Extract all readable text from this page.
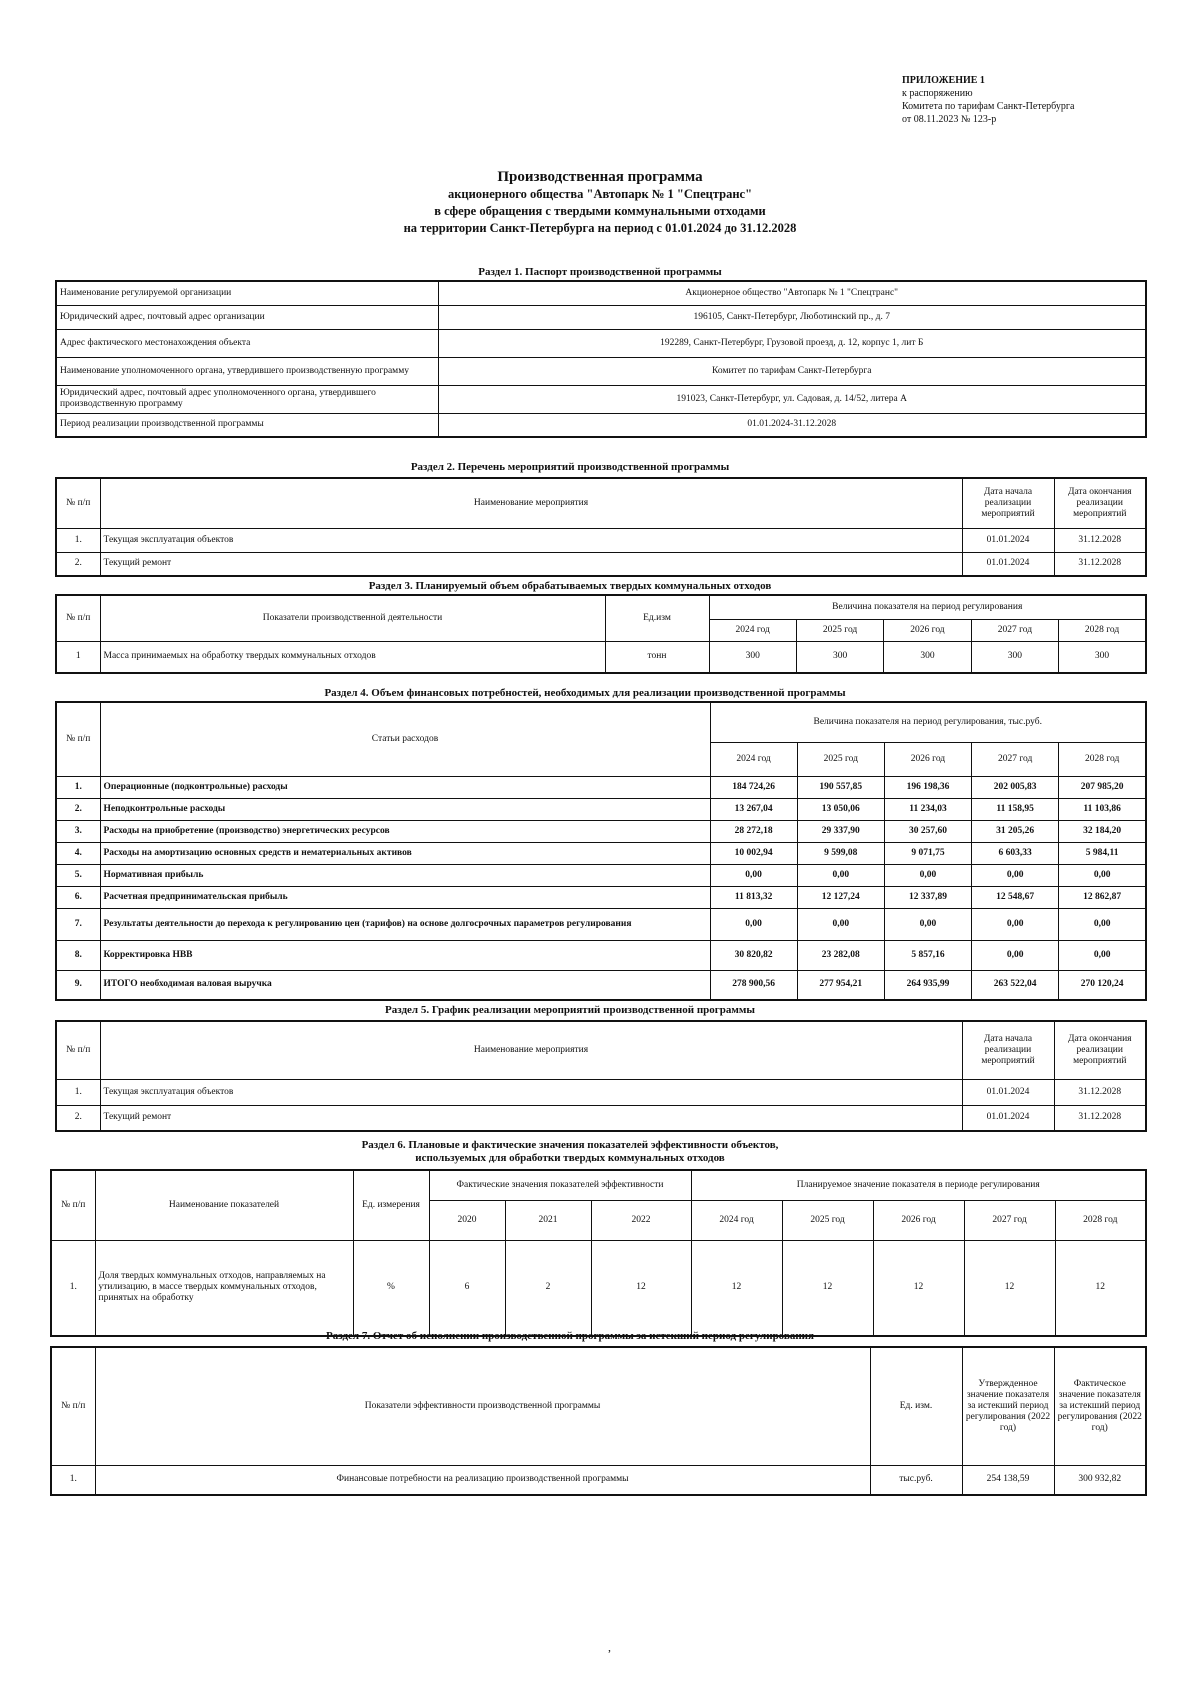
ПРИЛОЖЕНИЕ 1
к распоряжению
Комитета по тарифам Санкт-Петербурга
от 08.11.2023 № 123-р
Производственная программа
акционерного общества "Автопарк № 1 "Спецтранс"
в сфере обращения с твердыми коммунальными отходами
на территории Санкт-Петербурга на период с 01.01.2024 до 31.12.2028
Раздел 1. Паспорт производственной программы
Наименование регулируемой организации	Акционерное общество "Автопарк № 1 "Спецтранс"
Юридический адрес, почтовый адрес организации	196105, Санкт-Петербург, Люботинский пр., д. 7
Адрес фактического местонахождения объекта	192289, Санкт-Петербург, Грузовой проезд, д. 12, корпус 1, лит Б
Наименование уполномоченного органа, утвердившего производственную программу	Комитет по тарифам Санкт-Петербурга
Юридический адрес, почтовый адрес уполномоченного органа, утвердившего производственную программу	191023, Санкт-Петербург, ул. Садовая, д. 14/52, литера А
Период реализации производственной программы	01.01.2024-31.12.2028
Раздел 2. Перечень мероприятий производственной программы
№ п/п	Наименование мероприятия	Дата начала реализации мероприятий	Дата окончания реализации мероприятий
1.	Текущая эксплуатация объектов	01.01.2024	31.12.2028
2.	Текущий ремонт	01.01.2024	31.12.2028
Раздел 3. Планируемый объем обрабатываемых твердых коммунальных отходов
№ п/п	Показатели производственной деятельности	Ед.изм	Величина показателя на период регулирования				
			2024 год	2025 год	2026 год	2027 год	2028 год
1	Масса принимаемых на обработку твердых коммунальных отходов	тонн	300	300	300	300	300
Раздел 4. Объем финансовых потребностей, необходимых для реализации производственной программы
№ п/п	Статьи расходов	Величина показателя на период регулирования, тыс.руб.				
		2024 год	2025 год	2026 год	2027 год	2028 год
1.	Операционные (подконтрольные) расходы	184 724,26	190 557,85	196 198,36	202 005,83	207 985,20
2.	Неподконтрольные расходы	13 267,04	13 050,06	11 234,03	11 158,95	11 103,86
3.	Расходы на приобретение (производство) энергетических ресурсов	28 272,18	29 337,90	30 257,60	31 205,26	32 184,20
4.	Расходы на амортизацию основных средств и нематериальных активов	10 002,94	9 599,08	9 071,75	6 603,33	5 984,11
5.	Нормативная прибыль	0,00	0,00	0,00	0,00	0,00
6.	Расчетная предпринимательская прибыль	11 813,32	12 127,24	12 337,89	12 548,67	12 862,87
7.	Результаты деятельности до перехода к регулированию цен (тарифов) на основе долгосрочных параметров регулирования	0,00	0,00	0,00	0,00	0,00
8.	Корректировка НВВ	30 820,82	23 282,08	5 857,16	0,00	0,00
9.	ИТОГО необходимая валовая выручка	278 900,56	277 954,21	264 935,99	263 522,04	270 120,24
Раздел 5. График реализации мероприятий производственной программы
№ п/п	Наименование мероприятия	Дата начала реализации мероприятий	Дата окончания реализации мероприятий
1.	Текущая эксплуатация объектов	01.01.2024	31.12.2028
2.	Текущий ремонт	01.01.2024	31.12.2028
Раздел 6. Плановые и фактические значения показателей эффективности объектов,
используемых для обработки твердых коммунальных отходов
№ п/п	Наименование показателей	Ед. измерения	Фактические значения показателей эффективности			Планируемое значение показателя в периоде регулирования				
			2020	2021	2022	2024 год	2025 год	2026 год	2027 год	2028 год
1.	Доля твердых коммунальных отходов, направляемых на утилизацию, в массе твердых коммунальных отходов, принятых на обработку	%	6	2	12	12	12	12	12	12
Раздел 7. Отчет об исполнении производственной программы за истекший период регулирования
№ п/п	Показатели эффективности производственной программы	Ед. изм.	Утвержденное значение показателя за истекший период регулирования (2022 год)	Фактическое значение показателя за истекший период регулирования (2022 год)
1.	Финансовые потребности на реализацию производственной программы	тыс.руб.	254 138,59	300 932,82
,
